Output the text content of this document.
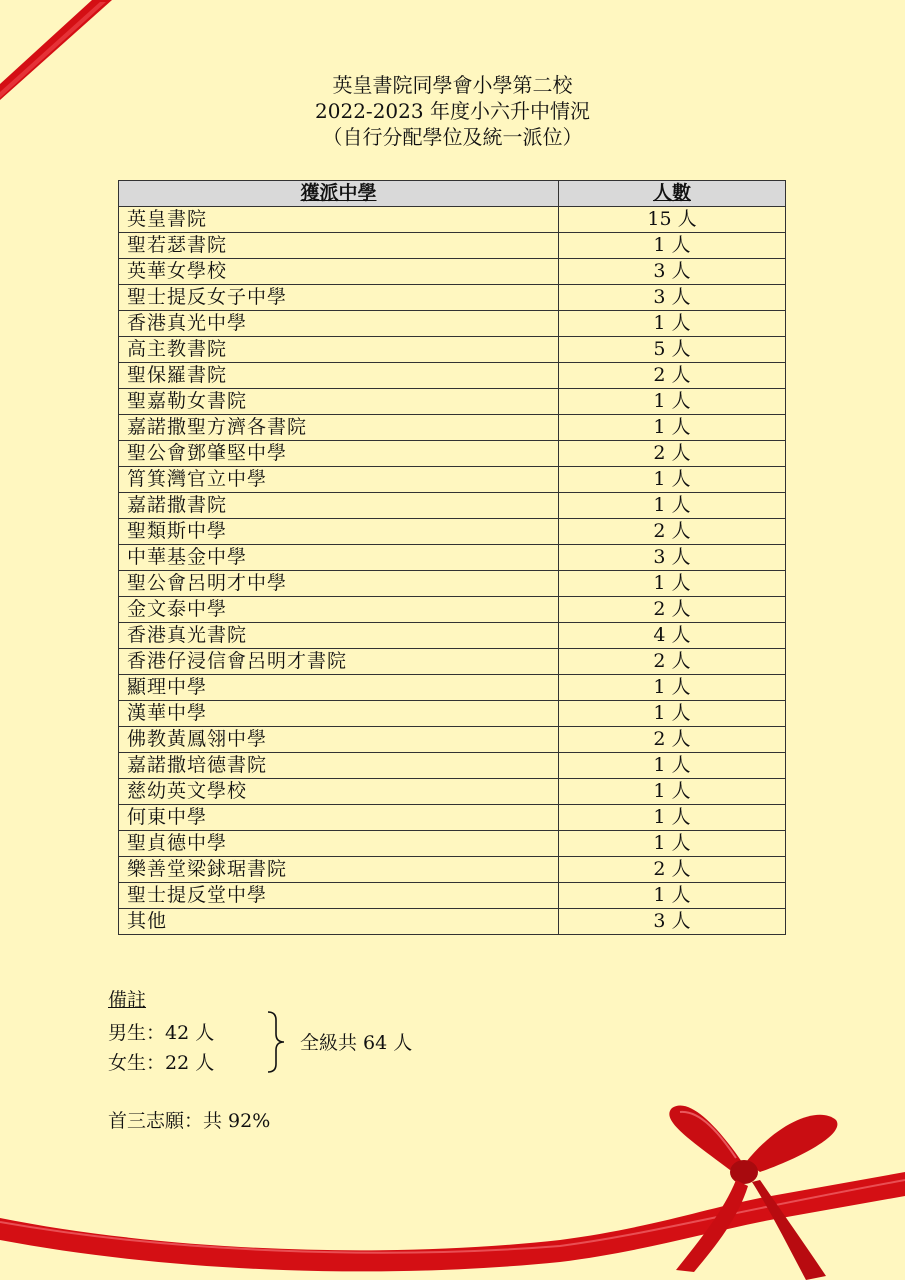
英皇書院同學會小學第二校
2022-2023 年度小六升中情況
（自行分配學位及統一派位）
獲派中學	人數
英皇書院	15 人
聖若瑟書院	1 人
英華女學校	3 人
聖士提反女子中學	3 人
香港真光中學	1 人
高主教書院	5 人
聖保羅書院	2 人
聖嘉勒女書院	1 人
嘉諾撒聖方濟各書院	1 人
聖公會鄧肇堅中學	2 人
筲箕灣官立中學	1 人
嘉諾撒書院	1 人
聖類斯中學	2 人
中華基金中學	3 人
聖公會呂明才中學	1 人
金文泰中學	2 人
香港真光書院	4 人
香港仔浸信會呂明才書院	2 人
顯理中學	1 人
漢華中學	1 人
佛教黃鳳翎中學	2 人
嘉諾撒培德書院	1 人
慈幼英文學校	1 人
何東中學	1 人
聖貞德中學	1 人
樂善堂梁銶琚書院	2 人
聖士提反堂中學	1 人
其他	3 人
備註
男生：42 人
女生：22 人
全級共 64 人
首三志願：共 92%
